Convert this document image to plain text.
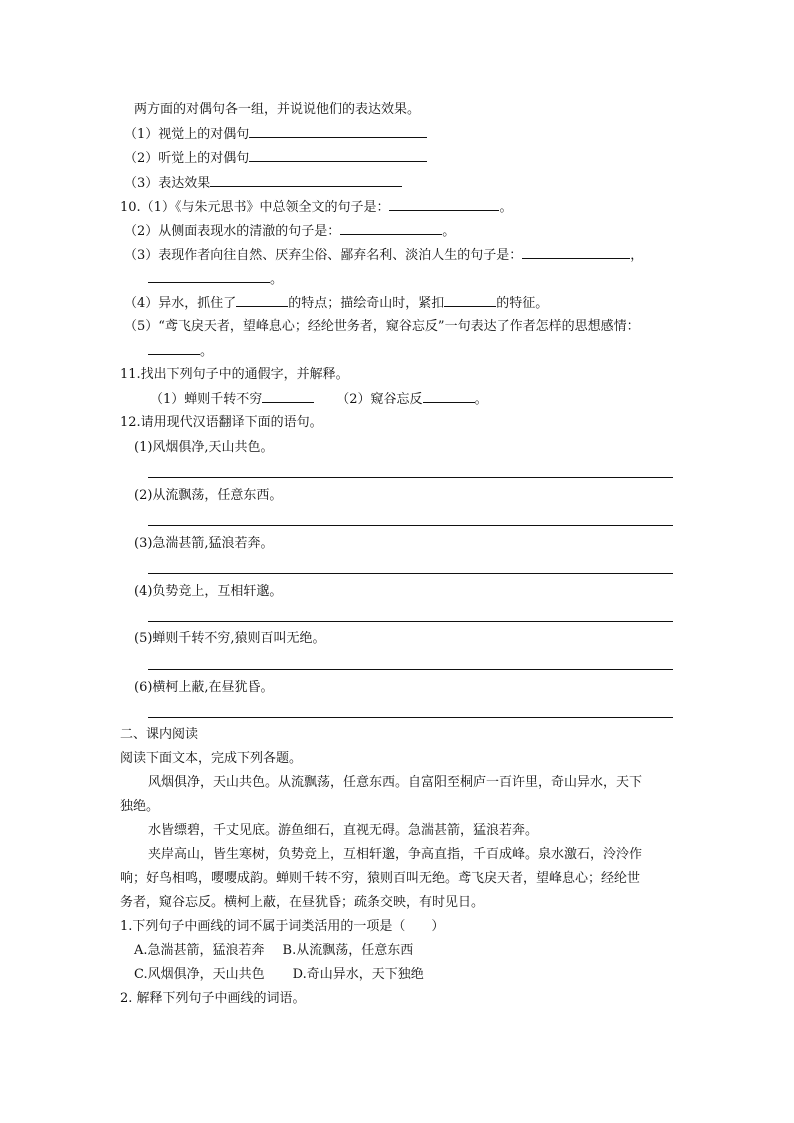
两方面的对偶句各一组，并说说他们的表达效果。
（1）视觉上的对偶句
（2）听觉上的对偶句
（3）表达效果
10.（1）《与朱元思书》中总领全文的句子是：	。
（2）从侧面表现水的清澈的句子是：	。
（3）表现作者向往自然、厌弃尘俗、鄙弃名利、淡泊人生的句子是：	，
。
（4）异水，抓住了	的特点；描绘奇山时，紧扣	的特征。
（5）“鸢飞戾天者，望峰息心；经纶世务者，窥谷忘反”一句表达了作者怎样的思想感情：
。
11.找出下列句子中的通假字，并解释。
（1）蝉则千转不穷	（2）窥谷忘反	。
12.请用现代汉语翻译下面的语句。
(1)风烟俱净,天山共色。
(2)从流飘荡，任意东西。
(3)急湍甚箭,猛浪若奔。
(4)负势竞上，互相轩邈。
(5)蝉则千转不穷,猿则百叫无绝。
(6)横柯上蔽,在昼犹昏。
二、课内阅读
阅读下面文本，完成下列各题。
风烟俱净，天山共色。从流飘荡，任意东西。自富阳至桐庐一百许里，奇山异水，天下
独绝。
水皆缥碧，千丈见底。游鱼细石，直视无碍。急湍甚箭，猛浪若奔。
夹岸高山，皆生寒树，负势竞上，互相轩邈，争高直指，千百成峰。泉水激石，泠泠作
响；好鸟相鸣，嘤嘤成韵。蝉则千转不穷，猿则百叫无绝。鸢飞戾天者，望峰息心；经纶世
务者，窥谷忘反。横柯上蔽，在昼犹昏；疏条交映，有时见日。
1.下列句子中画线的词不属于词类活用的一项是（　　）
A.急湍甚箭，猛浪若奔 B.从流飘荡，任意东西
C.风烟俱净，天山共色 D.奇山异水，天下独绝
2. 解释下列句子中画线的词语。
